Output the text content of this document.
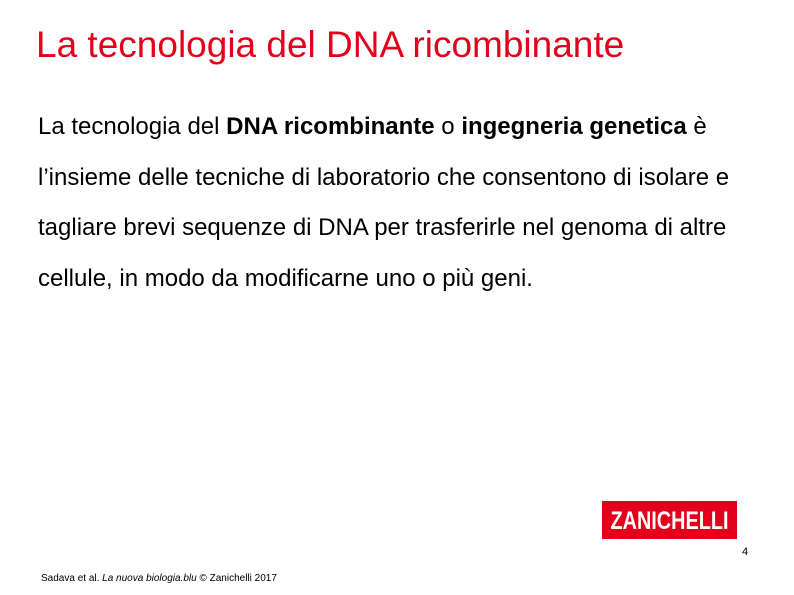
La tecnologia del DNA ricombinante

La tecnologia del DNA ricombinante o ingegneria genetica è l’insieme delle tecniche di laboratorio che consentono di isolare e tagliare brevi sequenze di DNA per trasferirle nel genoma di altre cellule, in modo da modificarne uno o più geni.

ZANICHELLI
4
Sadava et al. La nuova biologia.blu © Zanichelli 2017
